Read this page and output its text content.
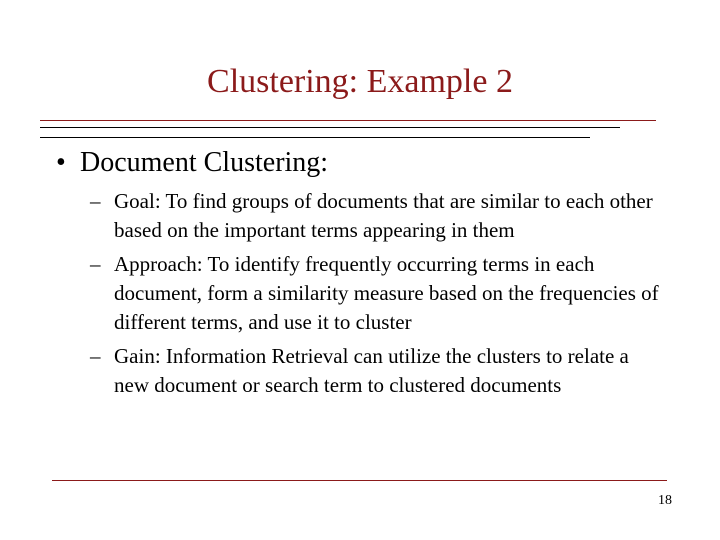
Clustering: Example 2
• Document Clustering:
– Goal: To find groups of documents that are similar to each other based on the important terms appearing in them
– Approach: To identify frequently occurring terms in each document, form a similarity measure based on the frequencies of different terms, and use it to cluster
– Gain: Information Retrieval can utilize the clusters to relate a new document or search term to clustered documents
18
